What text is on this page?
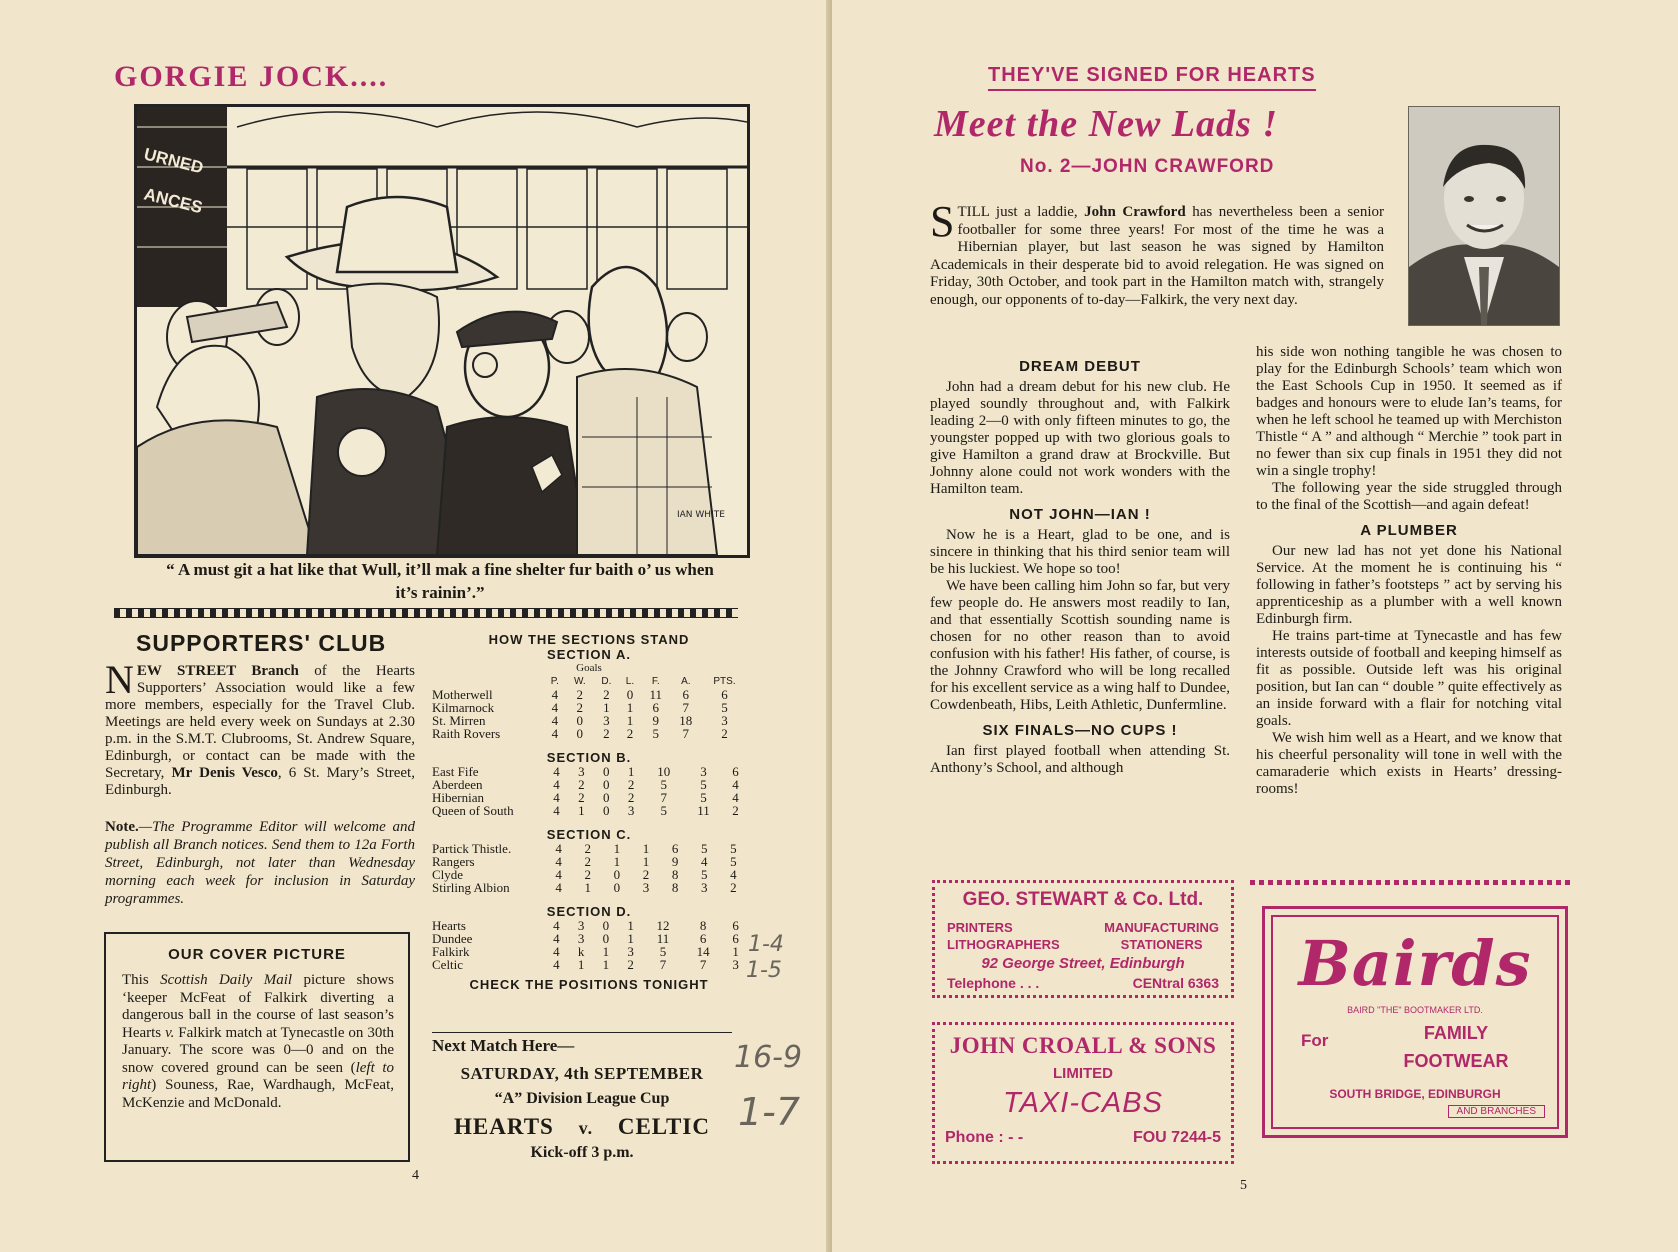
GORGIE JOCK....
URNED
ANCES
IAN WHITE
“ A must git a hat like that Wull, it’ll mak a fine shelter fur baith o’ us when it’s rainin’.”
SUPPORTERS' CLUB
NEW STREET Branch of the Hearts Supporters’ Association would like a few more members, especially for the Travel Club. Meetings are held every week on Sundays at 2.30 p.m. in the S.M.T. Clubrooms, St. Andrew Square, Edinburgh, or contact can be made with the Secretary, Mr Denis Vesco, 6 St. Mary’s Street, Edinburgh.
Note.—The Programme Editor will welcome and publish all Branch notices. Send them to 12a Forth Street, Edinburgh, not later than Wednesday morning each week for inclusion in Saturday programmes.
OUR COVER PICTURE
This Scottish Daily Mail picture shows ‘keeper McFeat of Falkirk diverting a dangerous ball in the course of last season’s Hearts v. Falkirk match at Tynecastle on 30th January. The score was 0—0 and on the snow covered ground can be seen (left to right) Souness, Rae, Wardhaugh, McFeat, McKenzie and McDonald.
HOW THE SECTIONS STAND
SECTION A.
Goals							
	P.	W.	D.	L.	F.	A.	PTS.
Motherwell	4	2	2	0	11	6	6
Kilmarnock	4	2	1	1	6	7	5
St. Mirren	4	0	3	1	9	18	3
Raith Rovers	4	0	2	2	5	7	2
SECTION B.
East Fife	4	3	0	1	10	3	6
Aberdeen	4	2	0	2	5	5	4
Hibernian	4	2	0	2	7	5	4
Queen of South	4	1	0	3	5	11	2
SECTION C.
Partick Thistle.	4	2	1	1	6	5	5
Rangers	4	2	1	1	9	4	5
Clyde	4	2	0	2	8	5	4
Stirling Albion	4	1	0	3	8	3	2
SECTION D.
Hearts	4	3	0	1	12	8	6
Dundee	4	3	0	1	11	6	6
Falkirk	4	k	1	3	5	14	1
Celtic	4	1	1	2	7	7	3
CHECK THE POSITIONS TONIGHT
1-4
1-5
16-9
1-7
Next Match Here—
SATURDAY, 4th SEPTEMBER
“A” Division League Cup
HEARTS v. CELTIC
Kick-off 3 p.m.
4
THEY'VE SIGNED FOR HEARTS
Meet the New Lads !
No. 2—JOHN CRAWFORD
STILL just a laddie, John Crawford has nevertheless been a senior footballer for some three years! For most of the time he was a Hibernian player, but last season he was signed by Hamilton Academicals in their desperate bid to avoid relegation. He was signed on Friday, 30th October, and took part in the Hamilton match with, strangely enough, our opponents of to-day—Falkirk, the very next day.
DREAM DEBUT

John had a dream debut for his new club. He played soundly throughout and, with Falkirk leading 2—0 with only fifteen minutes to go, the youngster popped up with two glorious goals to give Hamilton a grand draw at Brockville. But Johnny alone could not work wonders with the Hamilton team.

NOT JOHN—IAN !

Now he is a Heart, glad to be one, and is sincere in thinking that his third senior team will be his luckiest. We hope so too!

We have been calling him John so far, but very few people do. He answers most readily to Ian, and that essentially Scottish sounding name is chosen for no other reason than to avoid confusion with his father! His father, of course, is the Johnny Crawford who will be long recalled for his excellent service as a wing half to Dundee, Cowdenbeath, Hibs, Leith Athletic, Dunfermline.

SIX FINALS—NO CUPS !

Ian first played football when attending St. Anthony’s School, and although

his side won nothing tangible he was chosen to play for the Edinburgh Schools’ team which won the East Schools Cup in 1950. It seemed as if badges and honours were to elude Ian’s teams, for when he left school he teamed up with Merchiston Thistle “ A ” and although “ Merchie ” took part in no fewer than six cup finals in 1951 they did not win a single trophy!

The following year the side struggled through to the final of the Scottish—and again defeat!

A PLUMBER

Our new lad has not yet done his National Service. At the moment he is continuing his “ following in father’s footsteps ” act by serving his apprenticeship as a plumber with a well known Edinburgh firm.

He trains part-time at Tynecastle and has few interests outside of football and keeping himself as fit as possible. Outside left was his original position, but Ian can “ double ” quite effectively as an inside forward with a flair for notching vital goals.

We wish him well as a Heart, and we know that his cheerful personality will tone in well with the camaraderie which exists in Hearts’ dressing-rooms!

GEO. STEWART & Co. Ltd.
PRINTERS
LITHOGRAPHERS
MANUFACTURING
STATIONERS
92 George Street, Edinburgh
Telephone . . .	CENtral 6363
JOHN CROALL & SONS
LIMITED
TAXI-CABS
Phone : - -	FOU 7244-5
Bairds
BAIRD "THE" BOOTMAKER LTD.
For	FAMILY
FOOTWEAR
SOUTH BRIDGE, EDINBURGH
AND BRANCHES
5
